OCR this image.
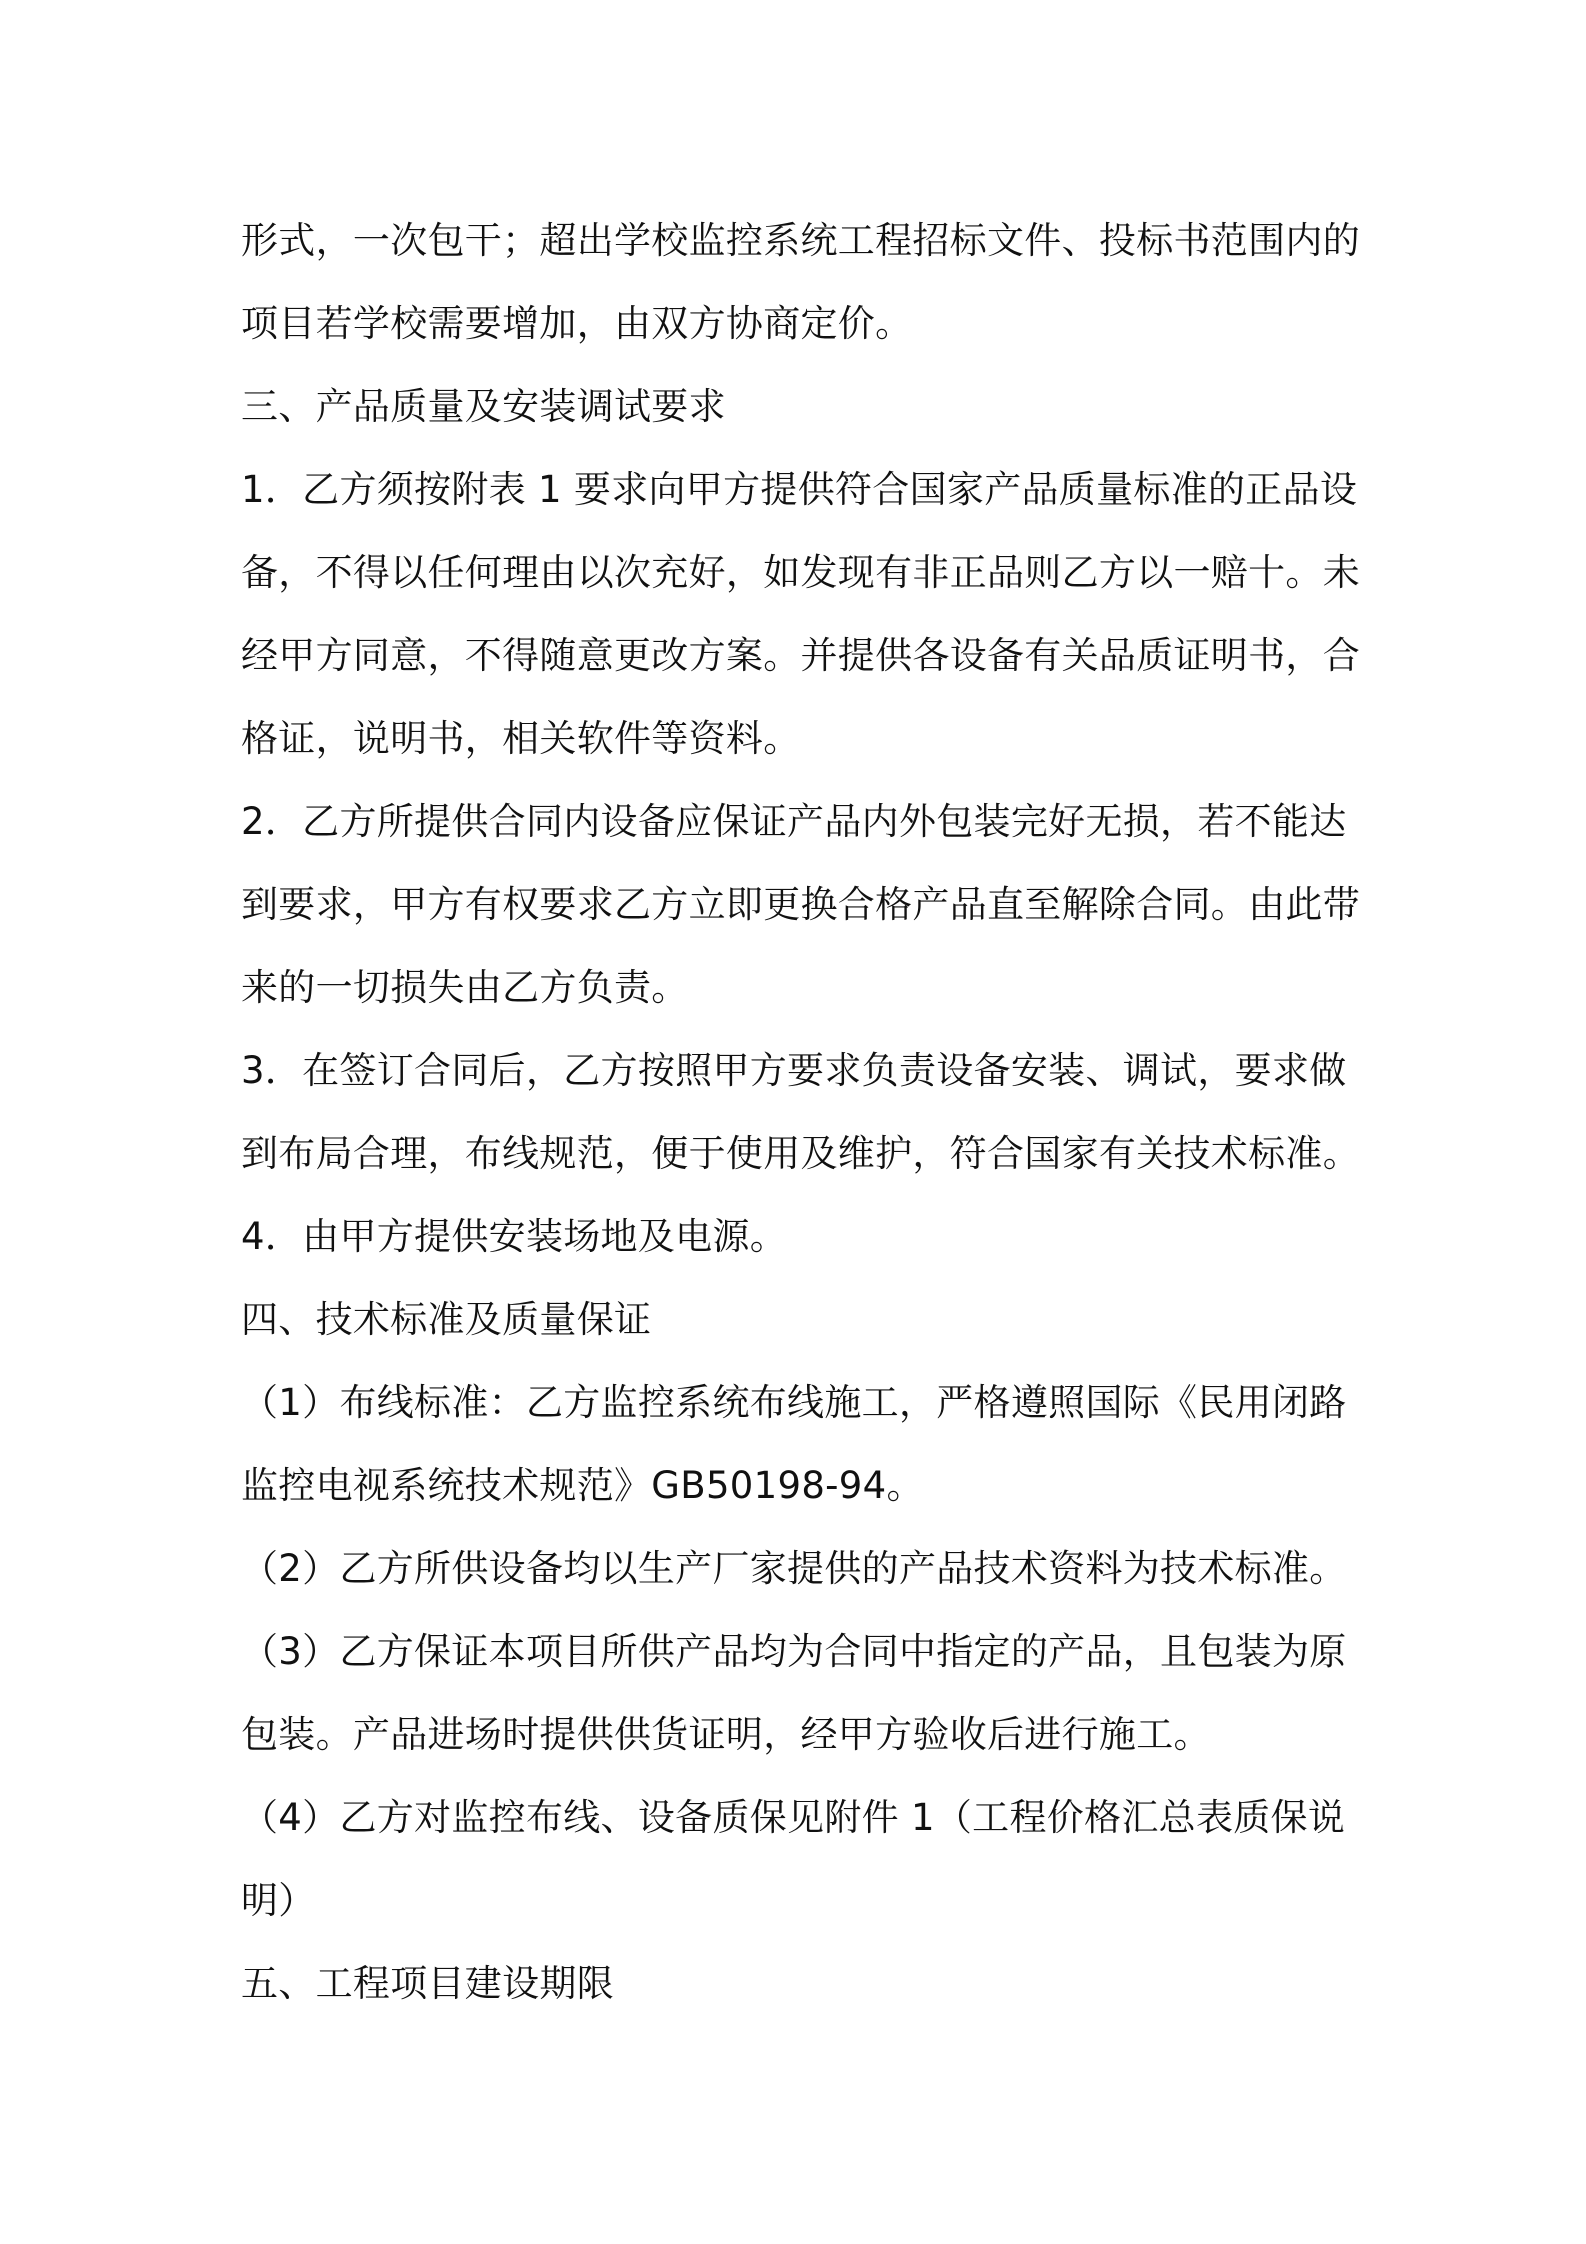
形式，一次包干；超出学校监控系统工程招标文件、投标书范围内的
项目若学校需要增加，由双方协商定价。
三、产品质量及安装调试要求
1．乙方须按附表 1 要求向甲方提供符合国家产品质量标准的正品设
备，不得以任何理由以次充好，如发现有非正品则乙方以一赔十。未
经甲方同意，不得随意更改方案。并提供各设备有关品质证明书，合
格证，说明书，相关软件等资料。
2．乙方所提供合同内设备应保证产品内外包装完好无损，若不能达
到要求，甲方有权要求乙方立即更换合格产品直至解除合同。由此带
来的一切损失由乙方负责。
3．在签订合同后，乙方按照甲方要求负责设备安装、调试，要求做
到布局合理，布线规范，便于使用及维护，符合国家有关技术标准。
4．由甲方提供安装场地及电源。
四、技术标准及质量保证
（1）布线标准：乙方监控系统布线施工，严格遵照国际《民用闭路
监控电视系统技术规范》GB50198-94。
（2）乙方所供设备均以生产厂家提供的产品技术资料为技术标准。
（3）乙方保证本项目所供产品均为合同中指定的产品，且包装为原
包装。产品进场时提供供货证明，经甲方验收后进行施工。
（4）乙方对监控布线、设备质保见附件 1（工程价格汇总表质保说
明）
五、工程项目建设期限
